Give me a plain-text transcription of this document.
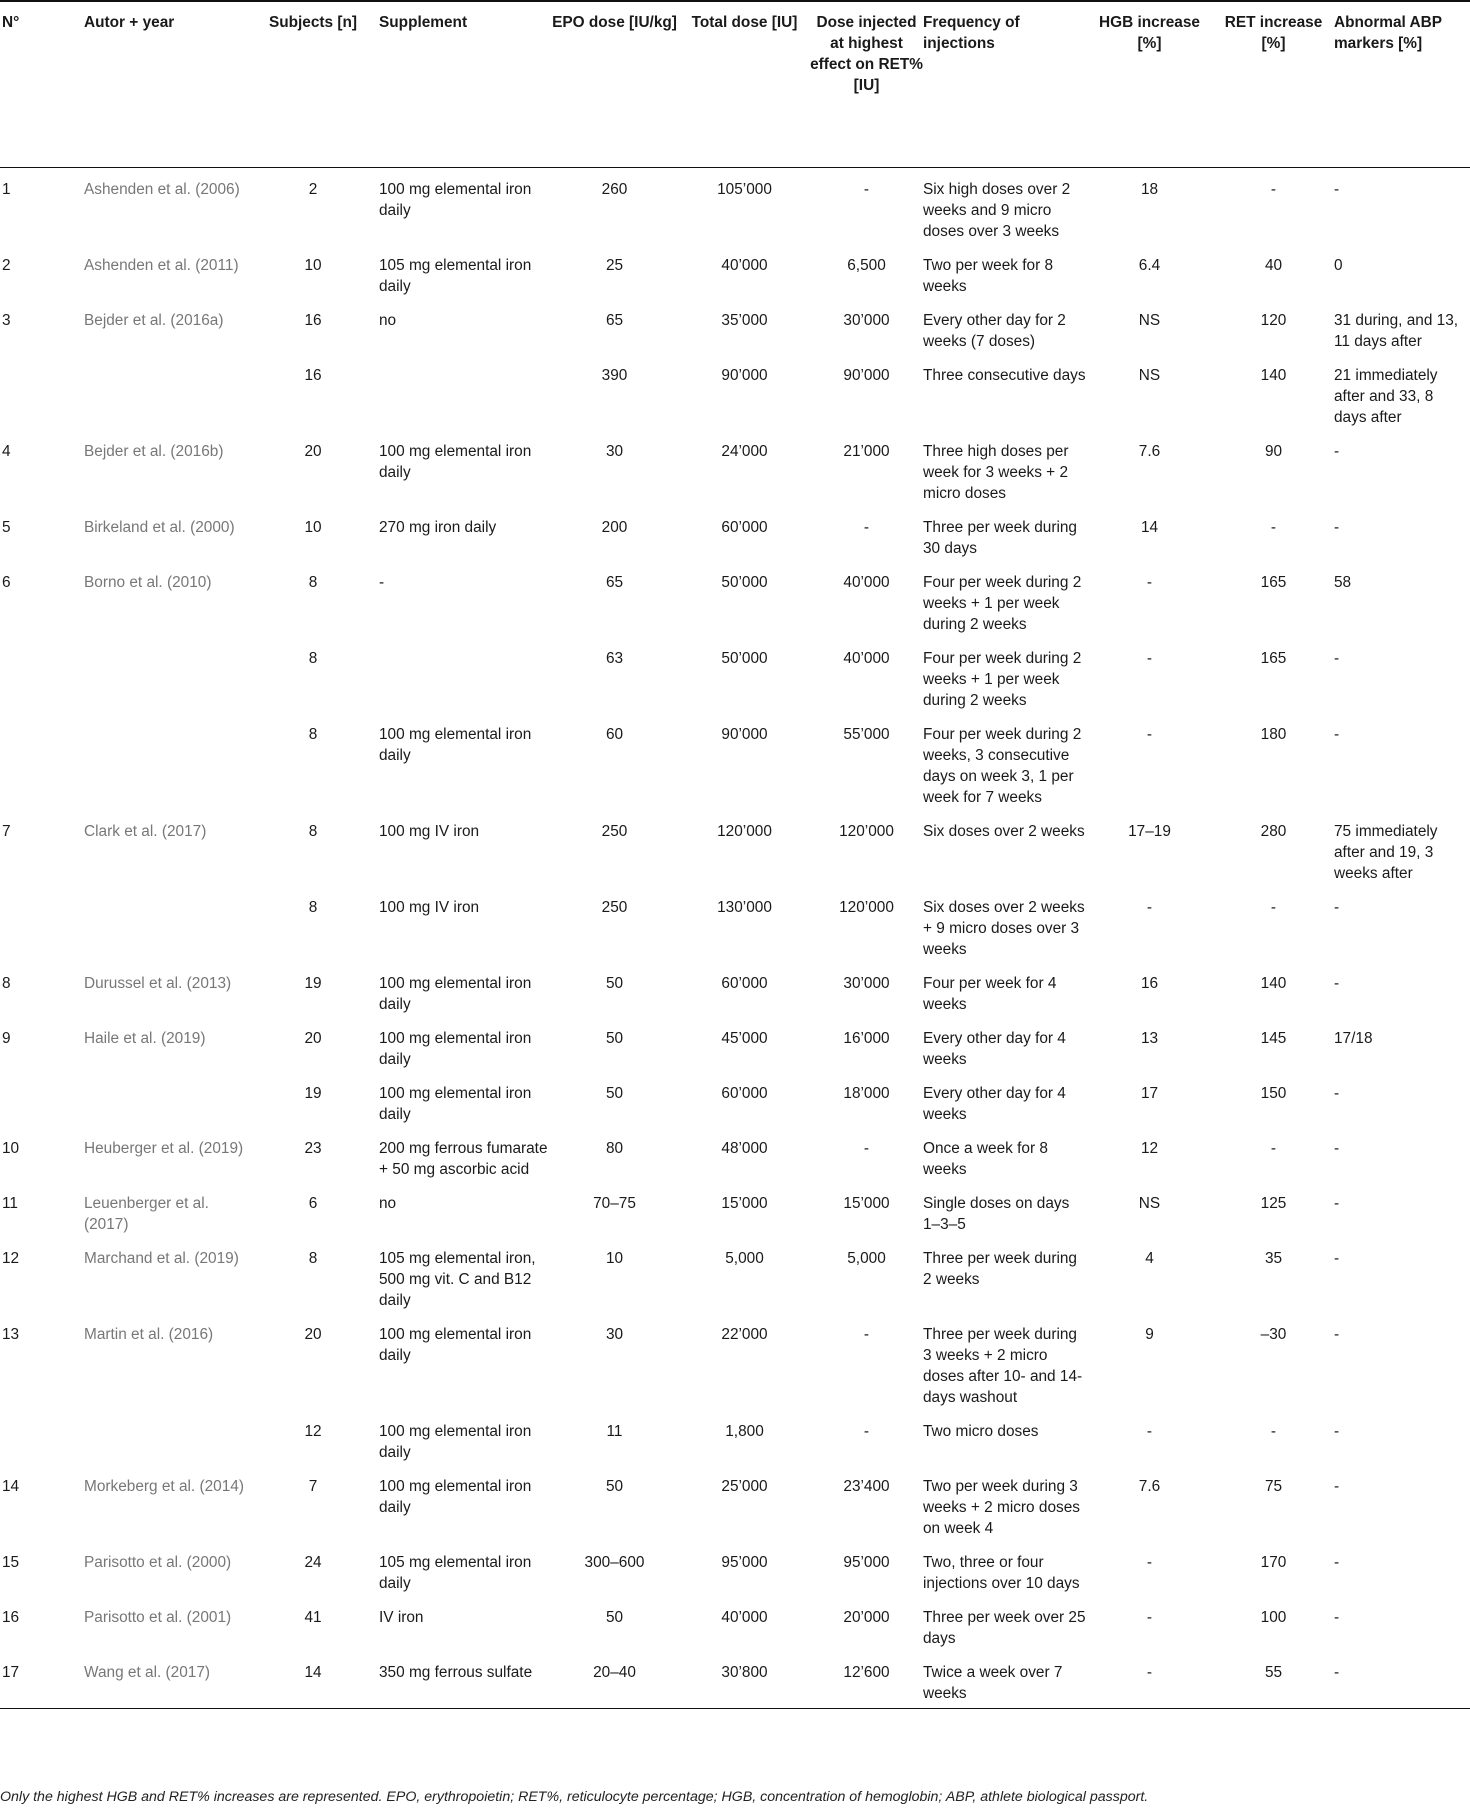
N°	Autor + year	Subjects [n]	Supplement	EPO dose [IU/kg]	Total dose [IU]	Dose injected at highest effect on RET% [IU]	Frequency of injections	HGB increase [%]	RET increase [%]	Abnormal ABP markers [%]
1	Ashenden et al. (2006)	2	100 mg elemental iron daily	260	105’000	-	Six high doses over 2 weeks and 9 micro doses over 3 weeks	18	-	-
2	Ashenden et al. (2011)	10	105 mg elemental iron daily	25	40’000	6,500	Two per week for 8 weeks	6.4	40	0
3	Bejder et al. (2016a)	16	no	65	35’000	30’000	Every other day for 2 weeks (7 doses)	NS	120	31 during, and 13, 11 days after
		16		390	90’000	90’000	Three consecutive days	NS	140	21 immediately after and 33, 8 days after
4	Bejder et al. (2016b)	20	100 mg elemental iron daily	30	24’000	21’000	Three high doses per week for 3 weeks + 2 micro doses	7.6	90	-
5	Birkeland et al. (2000)	10	270 mg iron daily	200	60’000	-	Three per week during 30 days	14	-	-
6	Borno et al. (2010)	8	-	65	50’000	40’000	Four per week during 2 weeks + 1 per week during 2 weeks	-	165	58
		8		63	50’000	40’000	Four per week during 2 weeks + 1 per week during 2 weeks	-	165	-
		8	100 mg elemental iron daily	60	90’000	55’000	Four per week during 2 weeks, 3 consecutive days on week 3, 1 per week for 7 weeks	-	180	-
7	Clark et al. (2017)	8	100 mg IV iron	250	120’000	120’000	Six doses over 2 weeks	17–19	280	75 immediately after and 19, 3 weeks after
		8	100 mg IV iron	250	130’000	120’000	Six doses over 2 weeks + 9 micro doses over 3 weeks	-	-	-
8	Durussel et al. (2013)	19	100 mg elemental iron daily	50	60’000	30’000	Four per week for 4 weeks	16	140	-
9	Haile et al. (2019)	20	100 mg elemental iron daily	50	45’000	16’000	Every other day for 4 weeks	13	145	17/18
		19	100 mg elemental iron daily	50	60’000	18’000	Every other day for 4 weeks	17	150	-
10	Heuberger et al. (2019)	23	200 mg ferrous fumarate + 50 mg ascorbic acid	80	48’000	-	Once a week for 8 weeks	12	-	-
11	Leuenberger et al. (2017)	6	no	70–75	15’000	15’000	Single doses on days 1–3–5	NS	125	-
12	Marchand et al. (2019)	8	105 mg elemental iron, 500 mg vit. C and B12 daily	10	5,000	5,000	Three per week during 2 weeks	4	35	-
13	Martin et al. (2016)	20	100 mg elemental iron daily	30	22’000	-	Three per week during 3 weeks + 2 micro doses after 10- and 14-days washout	9	–30	-
		12	100 mg elemental iron daily	11	1,800	-	Two micro doses	-	-	-
14	Morkeberg et al. (2014)	7	100 mg elemental iron daily	50	25’000	23’400	Two per week during 3 weeks + 2 micro doses on week 4	7.6	75	-
15	Parisotto et al. (2000)	24	105 mg elemental iron daily	300–600	95’000	95’000	Two, three or four injections over 10 days	-	170	-
16	Parisotto et al. (2001)	41	IV iron	50	40’000	20’000	Three per week over 25 days	-	100	-
17	Wang et al. (2017)	14	350 mg ferrous sulfate	20–40	30’800	12’600	Twice a week over 7 weeks	-	55	-
Only the highest HGB and RET% increases are represented. EPO, erythropoietin; RET%, reticulocyte percentage; HGB, concentration of hemoglobin; ABP, athlete biological passport.
